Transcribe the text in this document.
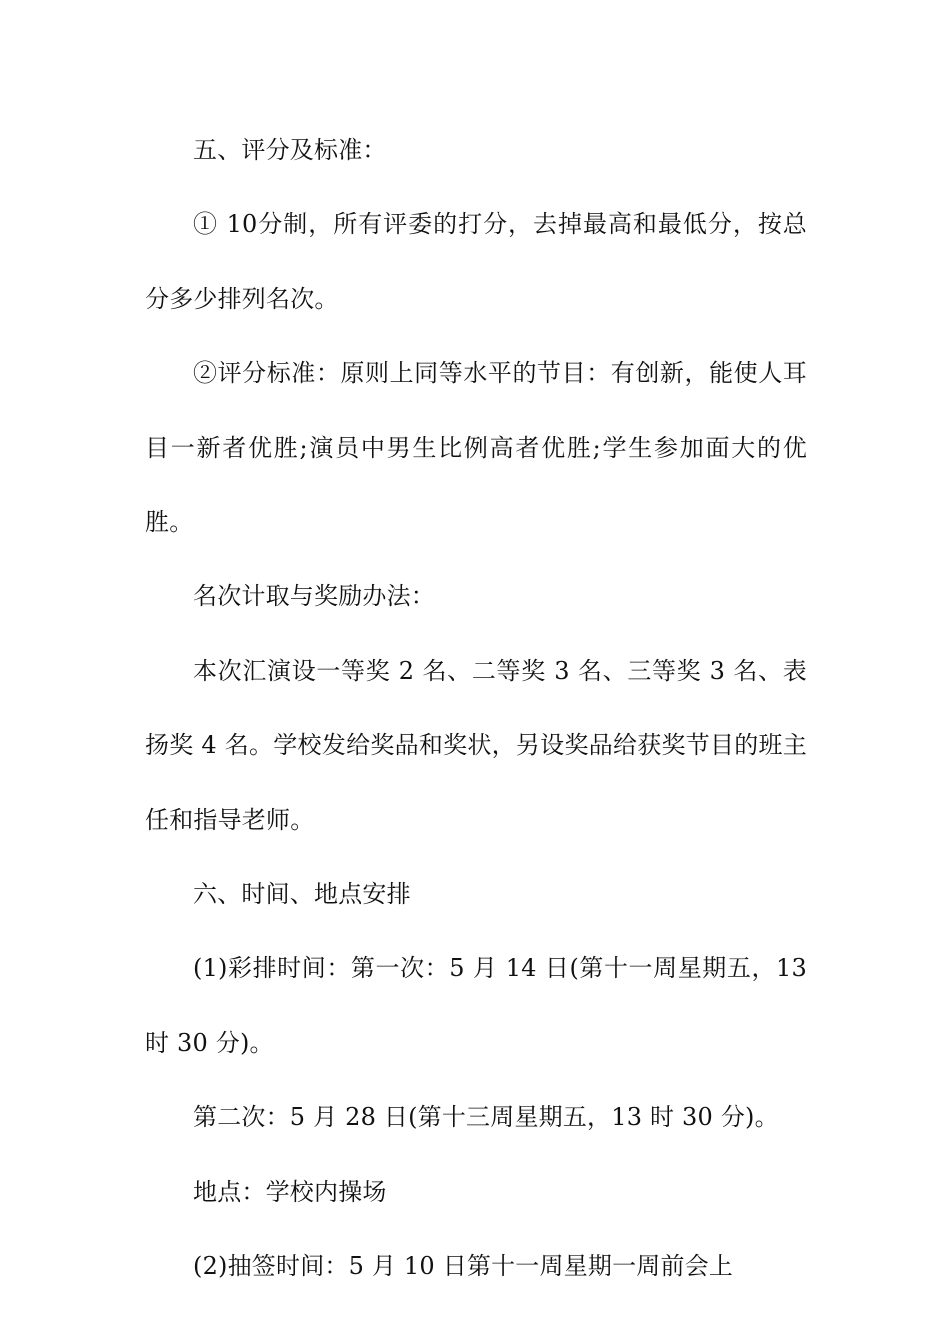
五、评分及标准：

① 10分制，所有评委的打分，去掉最高和最低分，按总分多少排列名次。

②评分标准：原则上同等水平的节目：有创新，能使人耳目一新者优胜;演员中男生比例高者优胜;学生参加面大的优胜。

名次计取与奖励办法：

本次汇演设一等奖 2 名、二等奖 3 名、三等奖 3 名、表扬奖 4 名。学校发给奖品和奖状，另设奖品给获奖节目的班主任和指导老师。

六、时间、地点安排

(1)彩排时间：第一次：5 月 14 日(第十一周星期五，13 时 30 分)。

第二次：5 月 28 日(第十三周星期五，13 时 30 分)。

地点：学校内操场

(2)抽签时间：5 月 10 日第十一周星期一周前会上
